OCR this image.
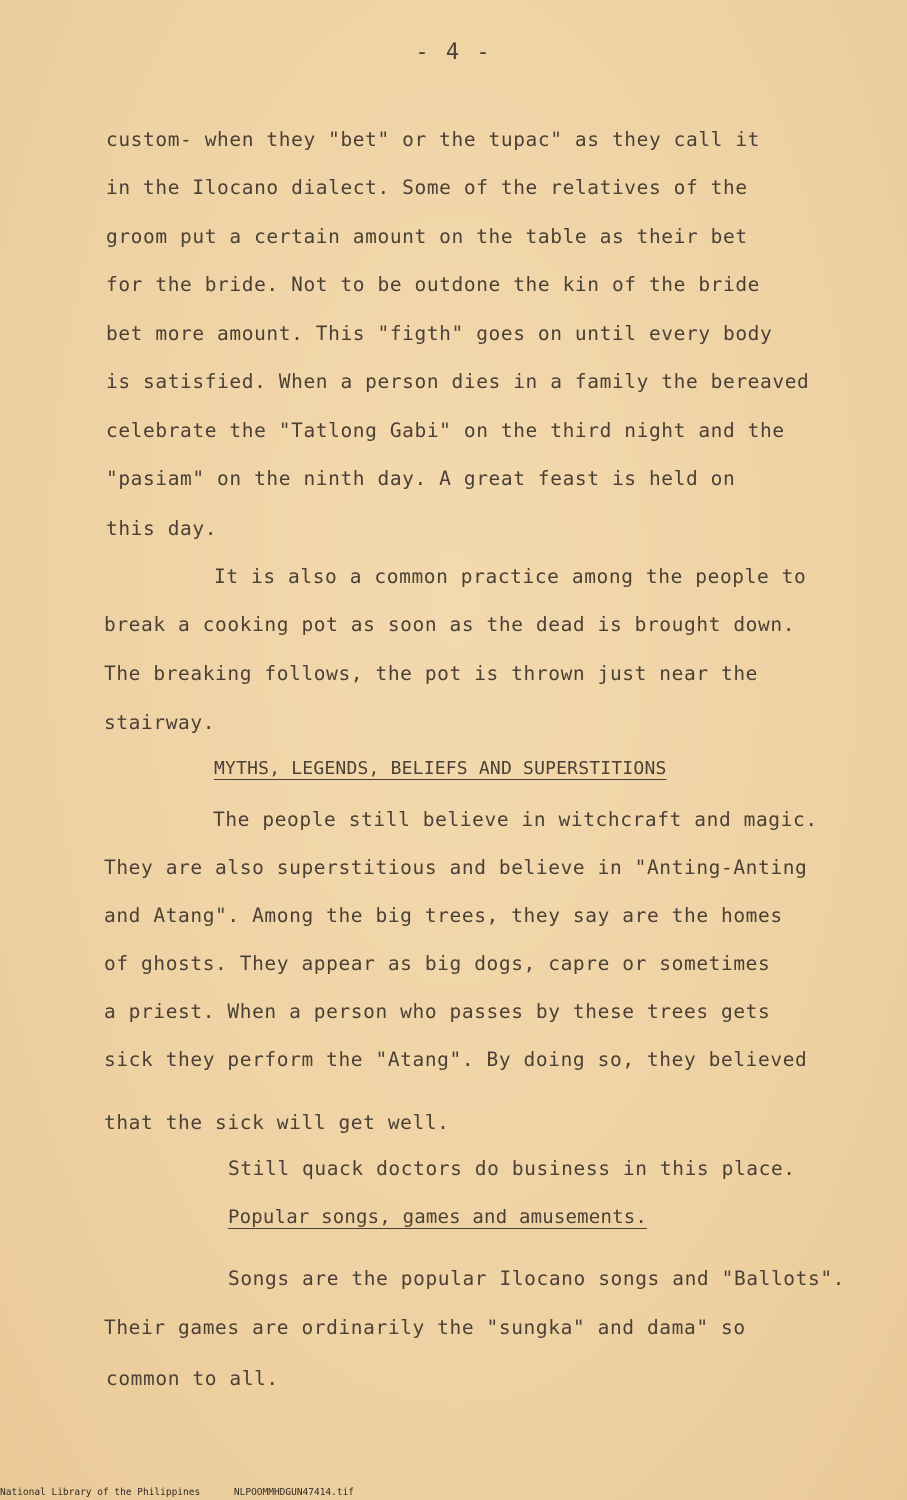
- 4 -
custom- when they "bet" or the tupac" as they call it
in the Ilocano dialect. Some of the relatives of the
groom put a certain amount on the table as their bet
for the bride. Not to be outdone the kin of the bride
bet more amount. This "figth" goes on until every body
is satisfied. When a person dies in a family the bereaved
celebrate the "Tatlong Gabi" on the third night and the
"pasiam" on the ninth day. A great feast is held on
this day.
It is also a common practice among the people to
break a cooking pot as soon as the dead is brought down.
The breaking follows, the pot is thrown just near the
stairway.
MYTHS, LEGENDS, BELIEFS AND SUPERSTITIONS
The people still believe in witchcraft and magic.
They are also superstitious and believe in "Anting-Anting
and Atang". Among the big trees, they say are the homes
of ghosts. They appear as big dogs, capre or sometimes
a priest. When a person who passes by these trees gets
sick they perform the "Atang". By doing so, they believed
that the sick will get well.
Still quack doctors do business in this place.
Popular songs, games and amusements.
Songs are the popular Ilocano songs and "Ballots".
Their games are ordinarily the "sungka" and dama" so
common to all.
National Library of the Philippines	NLPOOMMHDGUN47414.tif
